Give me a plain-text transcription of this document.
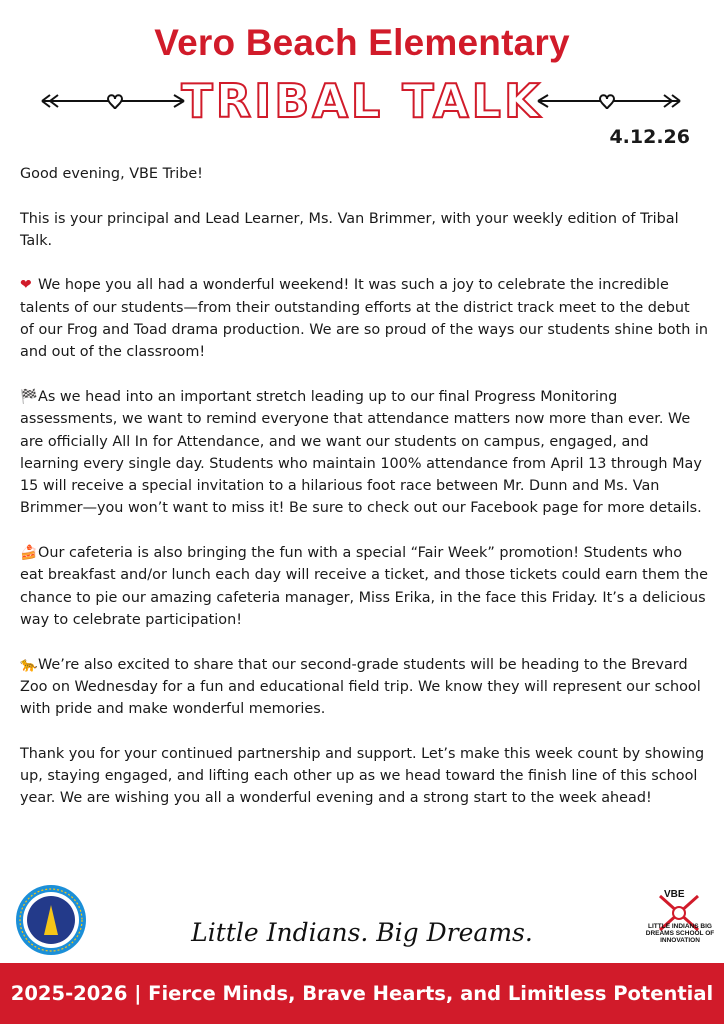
Vero Beach Elementary
TRIBAL TALK
4.12.26

Good evening, VBE Tribe!

This is your principal and Lead Learner, Ms. Van Brimmer, with your weekly edition of Tribal Talk.

❤ We hope you all had a wonderful weekend! It was such a joy to celebrate the incredible talents of our students—from their outstanding efforts at the district track meet to the debut of our Frog and Toad drama production. We are so proud of the ways our students shine both in and out of the classroom!

🏁As we head into an important stretch leading up to our final Progress Monitoring assessments, we want to remind everyone that attendance matters now more than ever. We are officially All In for Attendance, and we want our students on campus, engaged, and learning every single day. Students who maintain 100% attendance from April 13 through May 15 will receive a special invitation to a hilarious foot race between Mr. Dunn and Ms. Van Brimmer—you won’t want to miss it! Be sure to check out our Facebook page for more details.

🍰Our cafeteria is also bringing the fun with a special “Fair Week” promotion! Students who eat breakfast and/or lunch each day will receive a ticket, and those tickets could earn them the chance to pie our amazing cafeteria manager, Miss Erika, in the face this Friday. It’s a delicious way to celebrate participation!

🐆We’re also excited to share that our second-grade students will be heading to the Brevard Zoo on Wednesday for a fun and educational field trip. We know they will represent our school with pride and make wonderful memories.

Thank you for your continued partnership and support. Let’s make this week count by showing up, staying engaged, and lifting each other up as we head toward the finish line of this school year. We are wishing you all a wonderful evening and a strong start to the week ahead!

Little Indians. Big Dreams.
VBE
LITTLE INDIANS BIG DREAMS SCHOOL OF INNOVATION
2025-2026 | Fierce Minds, Brave Hearts, and Limitless Potential
